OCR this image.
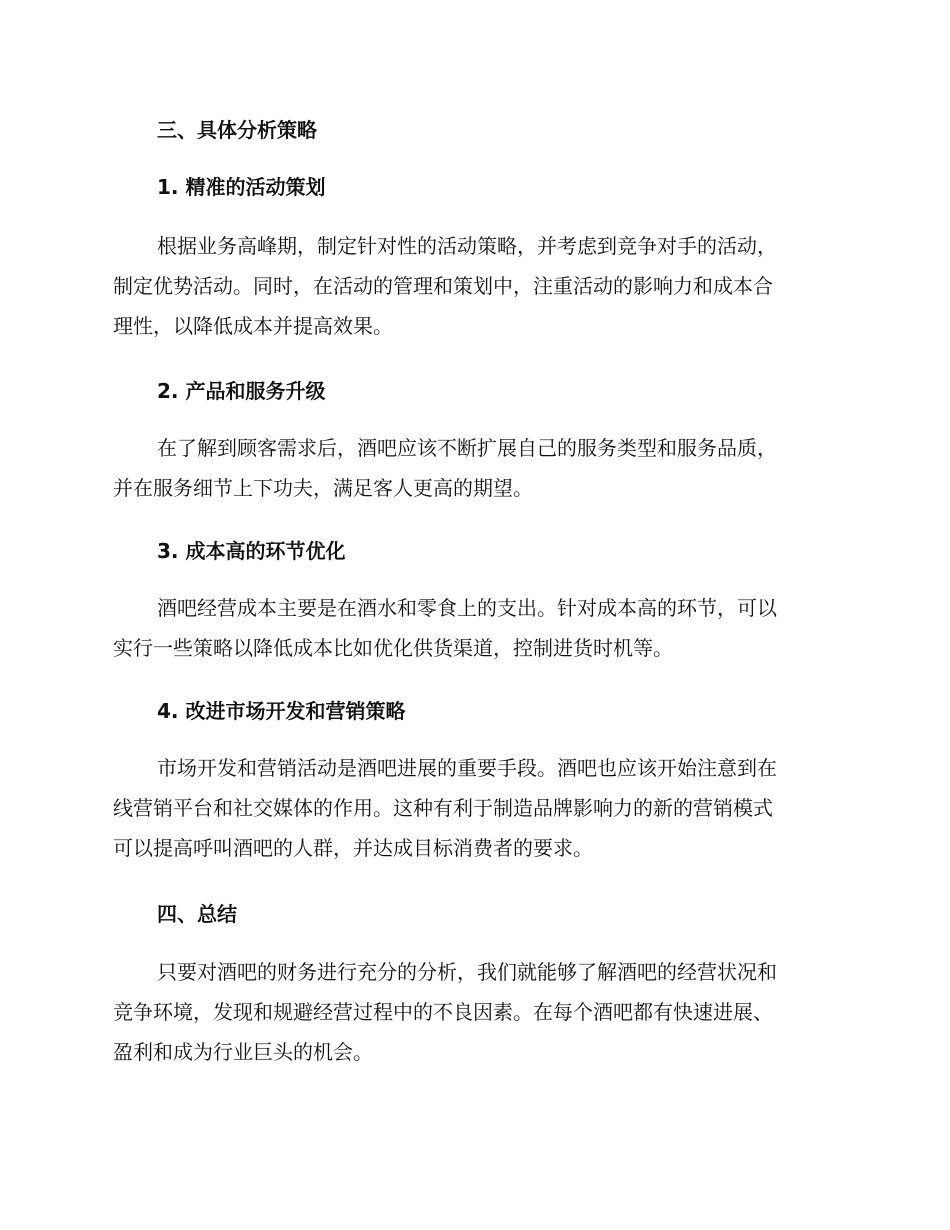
三、具体分析策略
1. 精准的活动策划
根据业务高峰期，制定针对性的活动策略，并考虑到竞争对手的活动，
制定优势活动。同时，在活动的管理和策划中，注重活动的影响力和成本合
理性，以降低成本并提高效果。
2. 产品和服务升级
在了解到顾客需求后，酒吧应该不断扩展自己的服务类型和服务品质，
并在服务细节上下功夫，满足客人更高的期望。
3. 成本高的环节优化
酒吧经营成本主要是在酒水和零食上的支出。针对成本高的环节，可以
实行一些策略以降低成本比如优化供货渠道，控制进货时机等。
4. 改进市场开发和营销策略
市场开发和营销活动是酒吧进展的重要手段。酒吧也应该开始注意到在
线营销平台和社交媒体的作用。这种有利于制造品牌影响力的新的营销模式
可以提高呼叫酒吧的人群，并达成目标消费者的要求。
四、总结
只要对酒吧的财务进行充分的分析，我们就能够了解酒吧的经营状况和
竞争环境，发现和规避经营过程中的不良因素。在每个酒吧都有快速进展、
盈利和成为行业巨头的机会。
